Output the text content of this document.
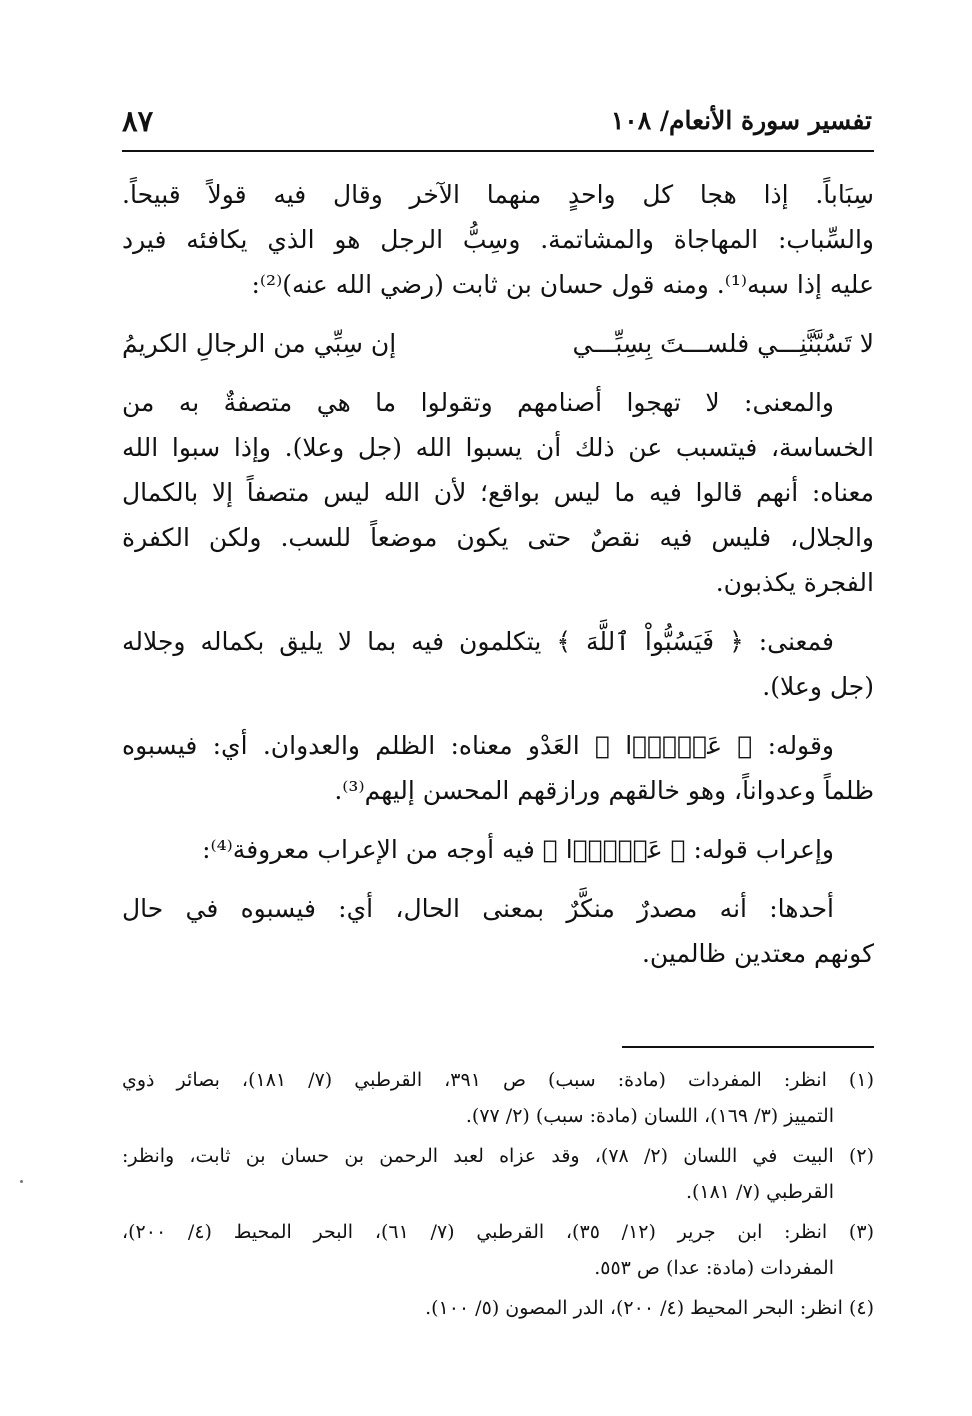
تفسير سورة الأنعام/ ١٠٨
٨٧
سِبَاباً. إذا هجا كل واحدٍ منهما الآخر وقال فيه قولاً قبيحاً.
والسِّباب: المهاجاة والمشاتمة. وسِبُّ الرجل هو الذي يكافئه فيرد
عليه إذا سبه⁽¹⁾. ومنه قول حسان بن ثابت (رضي الله عنه)⁽²⁾:
لا تَسُبَّنَّنِـــي فلســـتَ بِسِبِّـــي
إن سِبِّي من الرجالِ الكريمُ
والمعنى: لا تهجوا أصنامهم وتقولوا ما هي متصفةٌ به من
الخساسة، فيتسبب عن ذلك أن يسبوا الله (جل وعلا). وإذا سبوا الله
معناه: أنهم قالوا فيه ما ليس بواقع؛ لأن الله ليس متصفاً إلا بالكمال
والجلال، فليس فيه نقصٌ حتى يكون موضعاً للسب. ولكن الكفرة
الفجرة يكذبون.
فمعنى: ﴿ فَيَسُبُّواْ ٱللَّهَ ﴾ يتكلمون فيه بما لا يليق بكماله وجلاله
(جل وعلا).
وقوله: ﴿ عَدۡوَۢا ﴾ العَدْو معناه: الظلم والعدوان. أي: فيسبوه
ظلماً وعدواناً، وهو خالقهم ورازقهم المحسن إليهم⁽³⁾.
وإعراب قوله: ﴿ عَدۡوَۢا ﴾ فيه أوجه من الإعراب معروفة⁽⁴⁾:
أحدها: أنه مصدرٌ منكَّرٌ بمعنى الحال، أي: فيسبوه في حال
كونهم معتدين ظالمين.
(١) انظر: المفردات (مادة: سبب) ص ٣٩١، القرطبي (٧/ ١٨١)، بصائر ذوي
التمييز (٣/ ١٦٩)، اللسان (مادة: سبب) (٢/ ٧٧).
(٢) البيت في اللسان (٢/ ٧٨)، وقد عزاه لعبد الرحمن بن حسان بن ثابت، وانظر:
القرطبي (٧/ ١٨١).
(٣) انظر: ابن جرير (١٢/ ٣٥)، القرطبي (٧/ ٦١)، البحر المحيط (٤/ ٢٠٠)،
المفردات (مادة: عدا) ص ٥٥٣.
(٤) انظر: البحر المحيط (٤/ ٢٠٠)، الدر المصون (٥/ ١٠٠).
